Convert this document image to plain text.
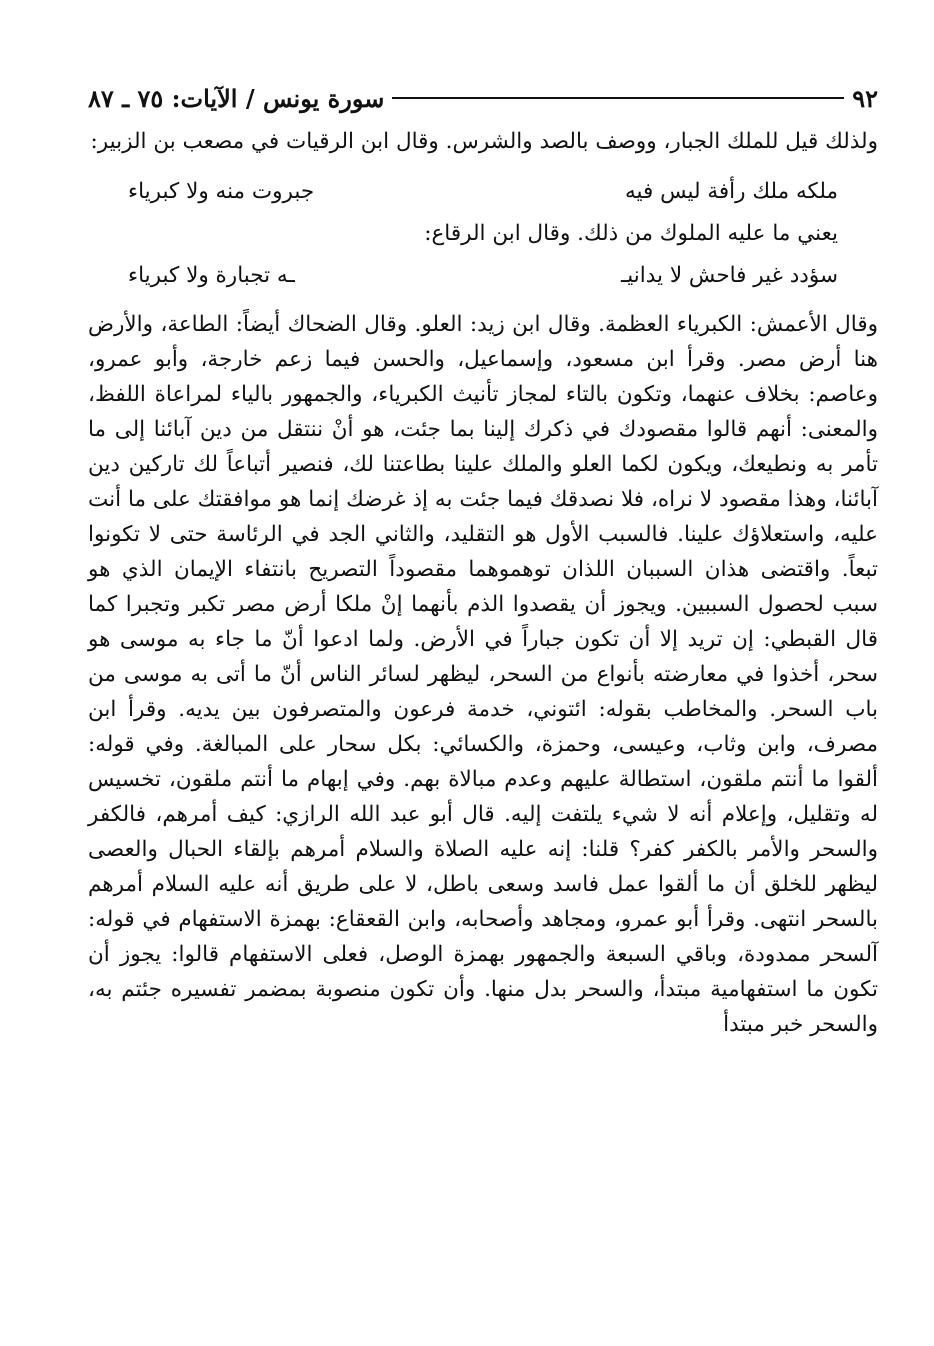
٩٢
سورة يونس / الآيات: ٧٥ ـ ٨٧

ولذلك قيل للملك الجبار، ووصف بالصد والشرس. وقال ابن الرقيات في مصعب بن الزبير:

ملكه ملك رأفة ليس فيه
جبروت منه ولا كبرياء
يعني ما عليه الملوك من ذلك. وقال ابن الرقاع:
سؤدد غير فاحش لا يدانيـ
ـه تجبارة ولا كبرياء

وقال الأعمش: الكبرياء العظمة. وقال ابن زيد: العلو. وقال الضحاك أيضاً: الطاعة، والأرض هنا أرض مصر. وقرأ ابن مسعود، وإسماعيل، والحسن فيما زعم خارجة، وأبو عمرو، وعاصم: بخلاف عنهما، وتكون بالتاء لمجاز تأنيث الكبرياء، والجمهور بالياء لمراعاة اللفظ، والمعنى: أنهم قالوا مقصودك في ذكرك إلينا بما جئت، هو أنْ ننتقل من دين آبائنا إلى ما تأمر به ونطيعك، ويكون لكما العلو والملك علينا بطاعتنا لك، فنصير أتباعاً لك تاركين دين آبائنا، وهذا مقصود لا نراه، فلا نصدقك فيما جئت به إذ غرضك إنما هو موافقتك على ما أنت عليه، واستعلاؤك علينا. فالسبب الأول هو التقليد، والثاني الجد في الرئاسة حتى لا تكونوا تبعاً. واقتضى هذان السببان اللذان توهموهما مقصوداً التصريح بانتفاء الإيمان الذي هو سبب لحصول السببين. ويجوز أن يقصدوا الذم بأنهما إنْ ملكا أرض مصر تكبر وتجبرا كما قال القبطي: إن تريد إلا أن تكون جباراً في الأرض. ولما ادعوا أنّ ما جاء به موسى هو سحر، أخذوا في معارضته بأنواع من السحر، ليظهر لسائر الناس أنّ ما أتى به موسى من باب السحر. والمخاطب بقوله: ائتوني، خدمة فرعون والمتصرفون بين يديه. وقرأ ابن مصرف، وابن وثاب، وعيسى، وحمزة، والكسائي: بكل سحار على المبالغة. وفي قوله: ألقوا ما أنتم ملقون، استطالة عليهم وعدم مبالاة بهم. وفي إبهام ما أنتم ملقون، تخسيس له وتقليل، وإعلام أنه لا شيء يلتفت إليه. قال أبو عبد الله الرازي: كيف أمرهم، فالكفر والسحر والأمر بالكفر كفر؟ قلنا: إنه عليه الصلاة والسلام أمرهم بإلقاء الحبال والعصى ليظهر للخلق أن ما ألقوا عمل فاسد وسعى باطل، لا على طريق أنه عليه السلام أمرهم بالسحر انتهى. وقرأ أبو عمرو، ومجاهد وأصحابه، وابن القعقاع: بهمزة الاستفهام في قوله: آلسحر ممدودة، وباقي السبعة والجمهور بهمزة الوصل، فعلى الاستفهام قالوا: يجوز أن تكون ما استفهامية مبتدأ، والسحر بدل منها. وأن تكون منصوبة بمضمر تفسيره جئتم به، والسحر خبر مبتدأ
